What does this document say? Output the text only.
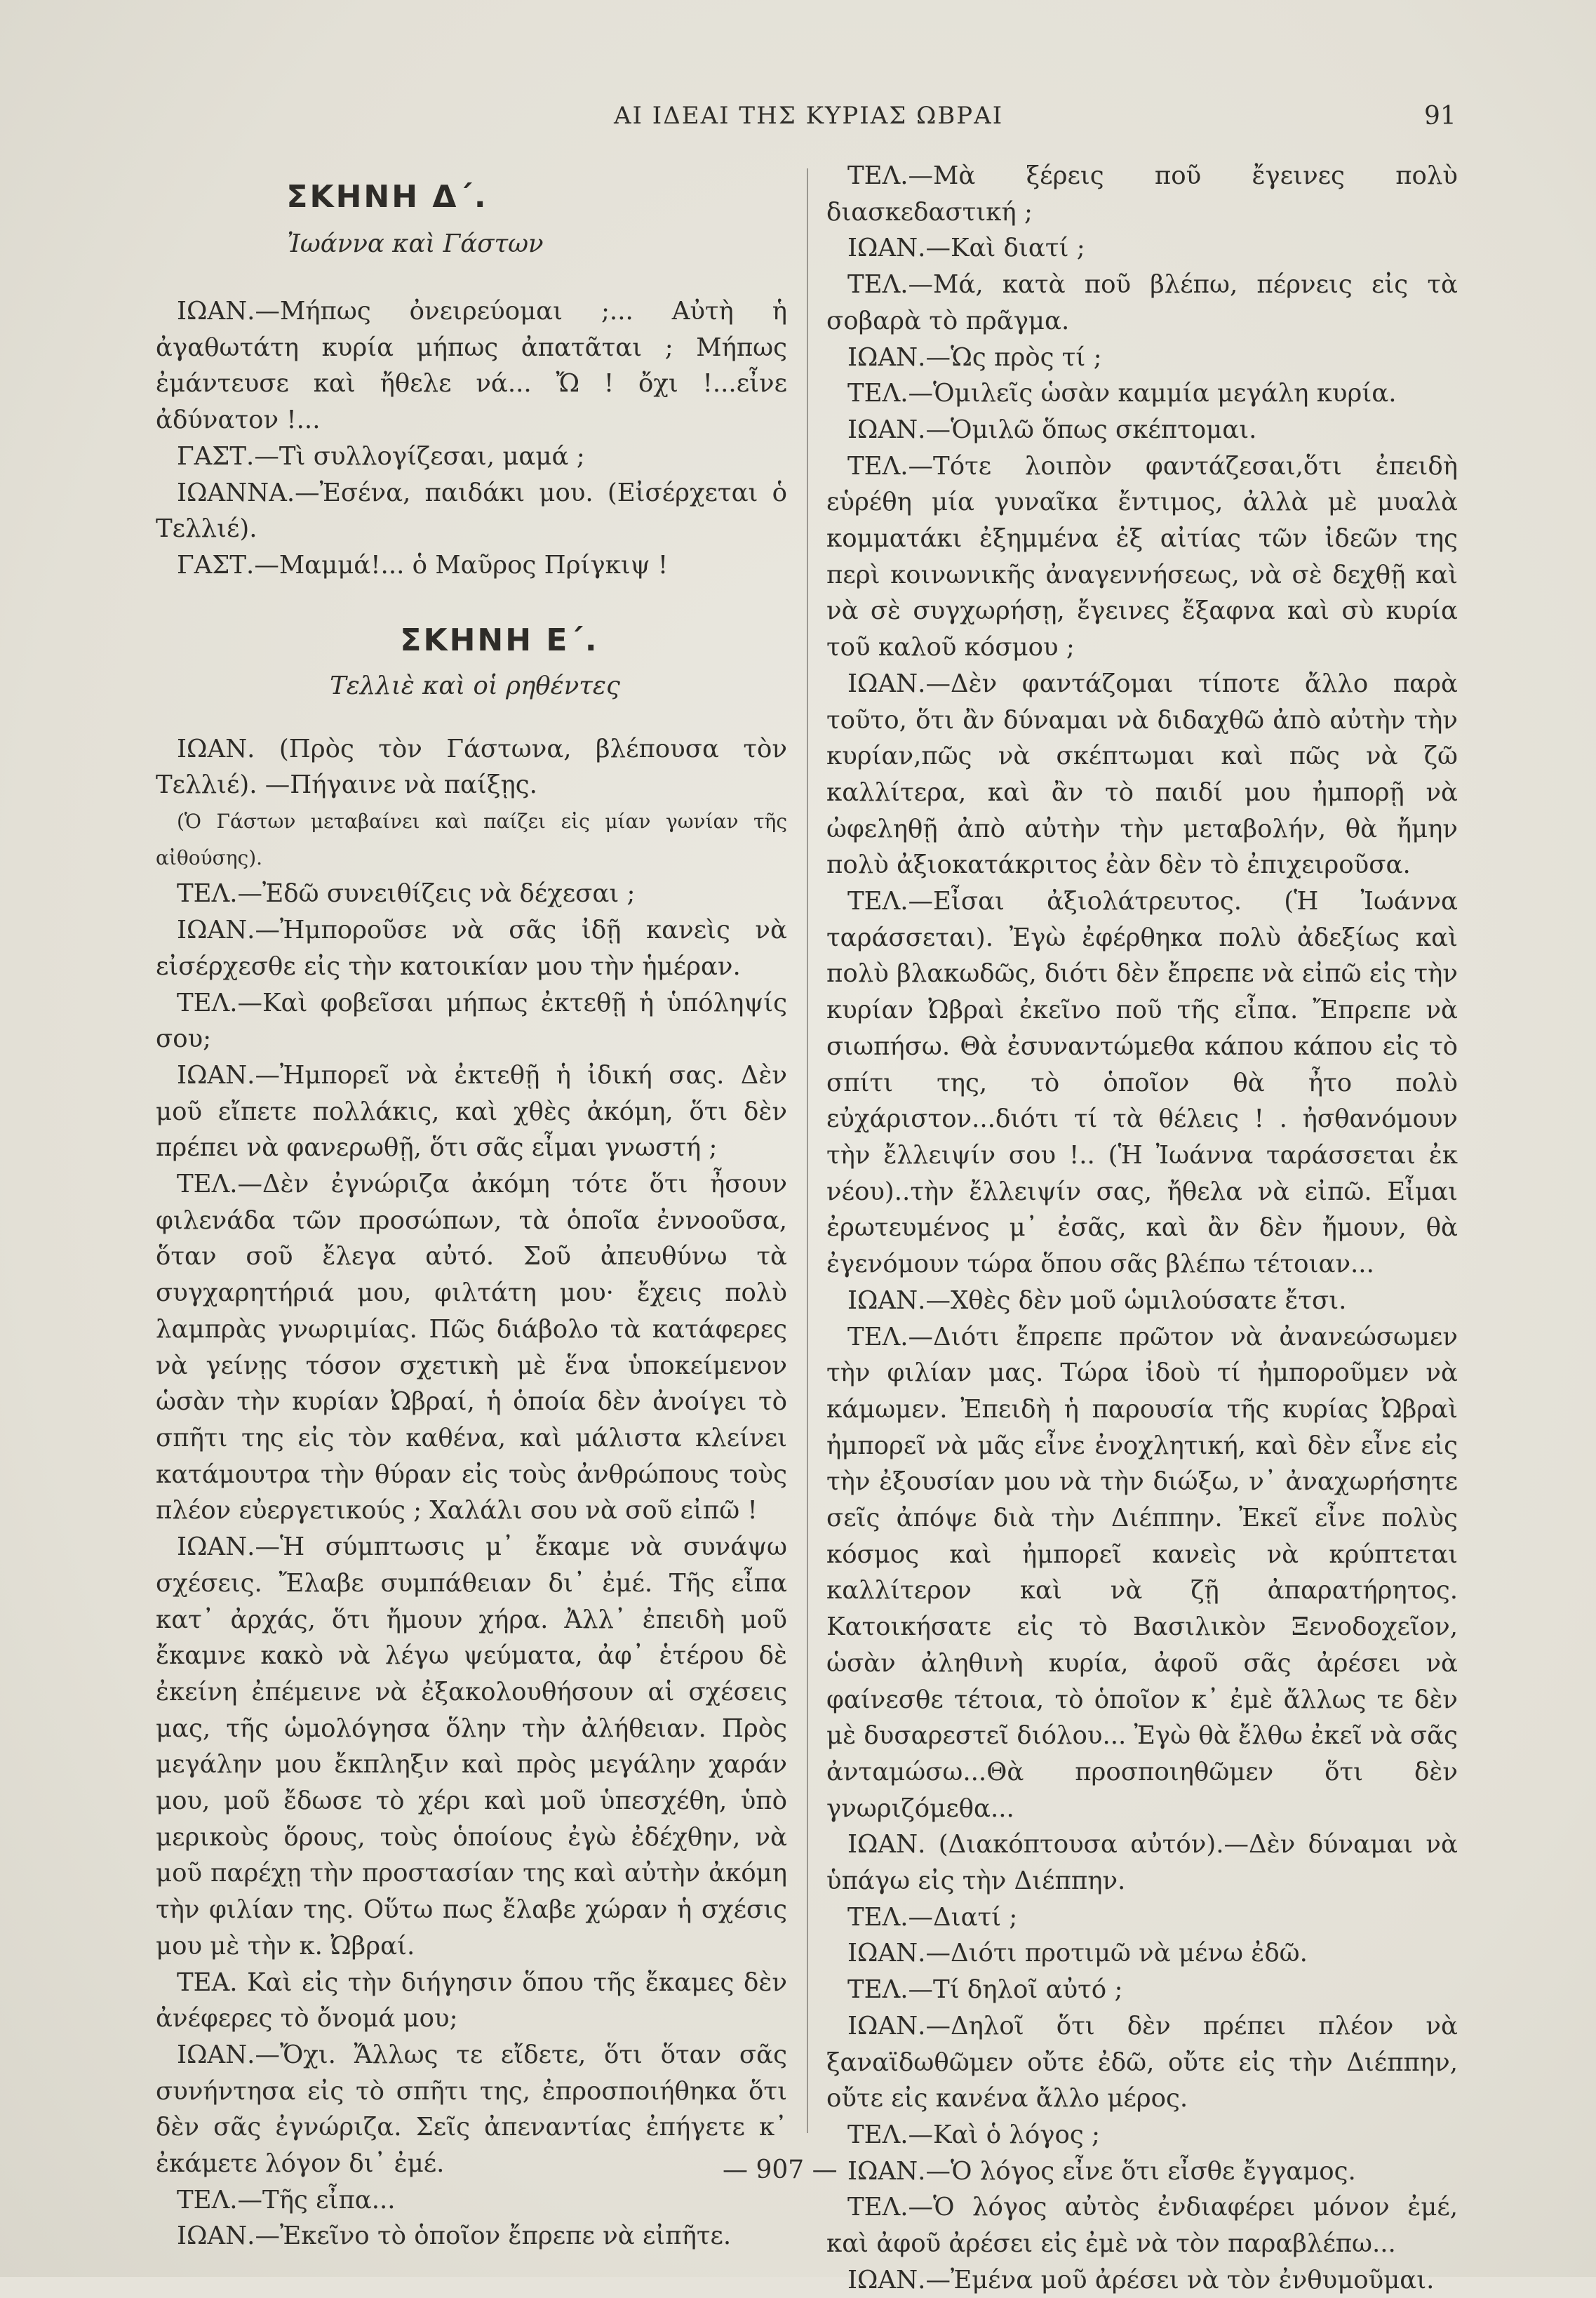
ΑΙ ΙΔΕΑΙ ΤΗΣ ΚΥΡΙΑΣ ΩΒΡΑΙ	91
ΣΚΗΝΗ Δ΄.

Ἰωάννα καὶ Γάστων

ΙΩΑΝ.—Μήπως ὀνειρεύομαι ;... Αὐτὴ ἡ ἀγαθωτάτη κυρία μήπως ἀπατᾶται ; Μήπως ἐμάντευσε καὶ ἤθελε νά... Ὤ ! ὄχι !...εἶνε ἀδύνατον !...

ΓΑΣΤ.—Τὶ συλλογίζεσαι, μαμά ;

ΙΩΑΝΝΑ.—Ἐσένα, παιδάκι μου. (Εἰσέρχεται ὁ Τελλιέ).

ΓΑΣΤ.—Μαμμά!... ὁ Μαῦρος Πρίγκιψ !

ΣΚΗΝΗ Ε΄.

Τελλιὲ καὶ οἱ ρηθέντες

ΙΩΑΝ. (Πρὸς τὸν Γάστωνα, βλέπουσα τὸν Τελλιέ). —Πήγαινε νὰ παίξῃς.

(Ὁ Γάστων μεταβαίνει καὶ παίζει εἰς μίαν γωνίαν τῆς αἰθούσης).

ΤΕΛ.—Ἐδῶ συνειθίζεις νὰ δέχεσαι ;

ΙΩΑΝ.—Ἠμποροῦσε νὰ σᾶς ἰδῇ κανεὶς νὰ εἰσέρχεσθε εἰς τὴν κατοικίαν μου τὴν ἡμέραν.

ΤΕΛ.—Καὶ φοβεῖσαι μήπως ἐκτεθῇ ἡ ὑπόληψίς σου;

ΙΩΑΝ.—Ἠμπορεῖ νὰ ἐκτεθῇ ἡ ἰδική σας. Δὲν μοῦ εἴπετε πολλάκις, καὶ χθὲς ἀκόμη, ὅτι δὲν πρέπει νὰ φανερωθῇ, ὅτι σᾶς εἶμαι γνωστή ;

ΤΕΛ.—Δὲν ἐγνώριζα ἀκόμη τότε ὅτι ἦσουν φιλενάδα τῶν προσώπων, τὰ ὁποῖα ἐννοοῦσα, ὅταν σοῦ ἔλεγα αὐτό. Σοῦ ἀπευθύνω τὰ συγχαρητήριά μου, φιλτάτη μου· ἔχεις πολὺ λαμπρὰς γνωριμίας. Πῶς διάβολο τὰ κατάφερες νὰ γείνῃς τόσον σχετικὴ μὲ ἕνα ὑποκείμενον ὡσὰν τὴν κυρίαν Ὠβραί, ἡ ὁποία δὲν ἀνοίγει τὸ σπῆτι της εἰς τὸν καθένα, καὶ μάλιστα κλείνει κατάμουτρα τὴν θύραν εἰς τοὺς ἀνθρώπους τοὺς πλέον εὐεργετικούς ; Χαλάλι σου νὰ σοῦ εἰπῶ !

ΙΩΑΝ.—Ἡ σύμπτωσις μ᾽ ἔκαμε νὰ συνάψω σχέσεις. Ἔλαβε συμπάθειαν δι᾽ ἐμέ. Τῆς εἶπα κατ᾽ ἀρχάς, ὅτι ἤμουν χήρα. Ἀλλ᾽ ἐπειδὴ μοῦ ἔκαμνε κακὸ νὰ λέγω ψεύματα, ἀφ᾽ ἑτέρου δὲ ἐκείνη ἐπέμεινε νὰ ἐξακολουθήσουν αἱ σχέσεις μας, τῆς ὡμολόγησα ὅλην τὴν ἀλήθειαν. Πρὸς μεγάλην μου ἔκπληξιν καὶ πρὸς μεγάλην χαράν μου, μοῦ ἔδωσε τὸ χέρι καὶ μοῦ ὑπεσχέθη, ὑπὸ μερικοὺς ὅρους, τοὺς ὁποίους ἐγὼ ἐδέχθην, νὰ μοῦ παρέχῃ τὴν προστασίαν της καὶ αὐτὴν ἀκόμη τὴν φιλίαν της. Οὕτω πως ἔλαβε χώραν ἡ σχέσις μου μὲ τὴν κ. Ὠβραί.

ΤΕΑ. Καὶ εἰς τὴν διήγησιν ὅπου τῆς ἔκαμες δὲν ἀνέφερες τὸ ὄνομά μου;

ΙΩΑΝ.—Ὄχι. Ἄλλως τε εἴδετε, ὅτι ὅταν σᾶς συνήντησα εἰς τὸ σπῆτι της, ἐπροσποιήθηκα ὅτι δὲν σᾶς ἐγνώριζα. Σεῖς ἀπεναντίας ἐπήγετε κ᾽ ἐκάμετε λόγον δι᾽ ἐμέ.

ΤΕΛ.—Τῆς εἶπα...

ΙΩΑΝ.—Ἐκεῖνο τὸ ὁποῖον ἔπρεπε νὰ εἰπῆτε.

ΤΕΛ.—Μὰ ξέρεις ποῦ ἔγεινες πολὺ διασκεδαστική ;

ΙΩΑΝ.—Καὶ διατί ;

ΤΕΛ.—Μά, κατὰ ποῦ βλέπω, πέρνεις εἰς τὰ σοβαρὰ τὸ πρᾶγμα.

ΙΩΑΝ.—Ὡς πρὸς τί ;

ΤΕΛ.—Ὁμιλεῖς ὡσὰν καμμία μεγάλη κυρία.

ΙΩΑΝ.—Ὁμιλῶ ὅπως σκέπτομαι.

ΤΕΛ.—Τότε λοιπὸν φαντάζεσαι,ὅτι ἐπειδὴ εὑρέθη μία γυναῖκα ἔντιμος, ἀλλὰ μὲ μυαλὰ κομματάκι ἐξημμένα ἐξ αἰτίας τῶν ἰδεῶν της περὶ κοινωνικῆς ἀναγεννήσεως, νὰ σὲ δεχθῇ καὶ νὰ σὲ συγχωρήσῃ, ἔγεινες ἔξαφνα καὶ σὺ κυρία τοῦ καλοῦ κόσμου ;

ΙΩΑΝ.—Δὲν φαντάζομαι τίποτε ἄλλο παρὰ τοῦτο, ὅτι ἂν δύναμαι νὰ διδαχθῶ ἀπὸ αὐτὴν τὴν κυρίαν,πῶς νὰ σκέπτωμαι καὶ πῶς νὰ ζῶ καλλίτερα, καὶ ἂν τὸ παιδί μου ἠμπορῇ νὰ ὠφεληθῇ ἀπὸ αὐτὴν τὴν μεταβολήν, θὰ ἤμην πολὺ ἀξιοκατάκριτος ἐὰν δὲν τὸ ἐπιχειροῦσα.

ΤΕΛ.—Εἶσαι ἀξιολάτρευτος. (Ἡ Ἰωάννα ταράσσεται). Ἐγὼ ἐφέρθηκα πολὺ ἀδεξίως καὶ πολὺ βλακωδῶς, διότι δὲν ἔπρεπε νὰ εἰπῶ εἰς τὴν κυρίαν Ὠβραὶ ἐκεῖνο ποῦ τῆς εἶπα. Ἔπρεπε νὰ σιωπήσω. Θὰ ἐσυναντώμεθα κάπου κάπου εἰς τὸ σπίτι της, τὸ ὁποῖον θὰ ἦτο πολὺ εὐχάριστον...διότι τί τὰ θέλεις ! . ἠσθανόμουν τὴν ἔλλειψίν σου !.. (Ἡ Ἰωάννα ταράσσεται ἐκ νέου)..τὴν ἔλλειψίν σας, ἤθελα νὰ εἰπῶ. Εἶμαι ἐρωτευμένος μ᾽ ἐσᾶς, καὶ ἂν δὲν ἤμουν, θὰ ἐγενόμουν τώρα ὅπου σᾶς βλέπω τέτοιαν...

ΙΩΑΝ.—Χθὲς δὲν μοῦ ὡμιλούσατε ἔτσι.

ΤΕΛ.—Διότι ἔπρεπε πρῶτον νὰ ἀνανεώσωμεν τὴν φιλίαν μας. Τώρα ἰδοὺ τί ἠμποροῦμεν νὰ κάμωμεν. Ἐπειδὴ ἡ παρουσία τῆς κυρίας Ὠβραὶ ἠμπορεῖ νὰ μᾶς εἶνε ἐνοχλητική, καὶ δὲν εἶνε εἰς τὴν ἐξουσίαν μου νὰ τὴν διώξω, ν᾽ ἀναχωρήσητε σεῖς ἀπόψε διὰ τὴν Διέππην. Ἐκεῖ εἶνε πολὺς κόσμος καὶ ἠμπορεῖ κανεὶς νὰ κρύπτεται καλλίτερον καὶ νὰ ζῇ ἀπαρατήρητος. Κατοικήσατε εἰς τὸ Βασιλικὸν Ξενοδοχεῖον, ὡσὰν ἀληθινὴ κυρία, ἀφοῦ σᾶς ἀρέσει νὰ φαίνεσθε τέτοια, τὸ ὁποῖον κ᾽ ἐμὲ ἄλλως τε δὲν μὲ δυσαρεστεῖ διόλου... Ἐγὼ θὰ ἔλθω ἐκεῖ νὰ σᾶς ἀνταμώσω...Θὰ προσποιηθῶμεν ὅτι δὲν γνωριζόμεθα...

ΙΩΑΝ. (Διακόπτουσα αὐτόν).—Δὲν δύναμαι νὰ ὑπάγω εἰς τὴν Διέππην.

ΤΕΛ.—Διατί ;

ΙΩΑΝ.—Διότι προτιμῶ νὰ μένω ἐδῶ.

ΤΕΛ.—Τί δηλοῖ αὐτό ;

ΙΩΑΝ.—Δηλοῖ ὅτι δὲν πρέπει πλέον νὰ ξαναϊδωθῶμεν οὔτε ἐδῶ, οὔτε εἰς τὴν Διέππην, οὔτε εἰς κανένα ἄλλο μέρος.

ΤΕΛ.—Καὶ ὁ λόγος ;

ΙΩΑΝ.—Ὁ λόγος εἶνε ὅτι εἶσθε ἔγγαμος.

ΤΕΛ.—Ὁ λόγος αὐτὸς ἐνδιαφέρει μόνον ἐμέ, καὶ ἀφοῦ ἀρέσει εἰς ἐμὲ νὰ τὸν παραβλέπω...

ΙΩΑΝ.—Ἐμένα μοῦ ἀρέσει νὰ τὸν ἐνθυμοῦμαι.

— 907 —
